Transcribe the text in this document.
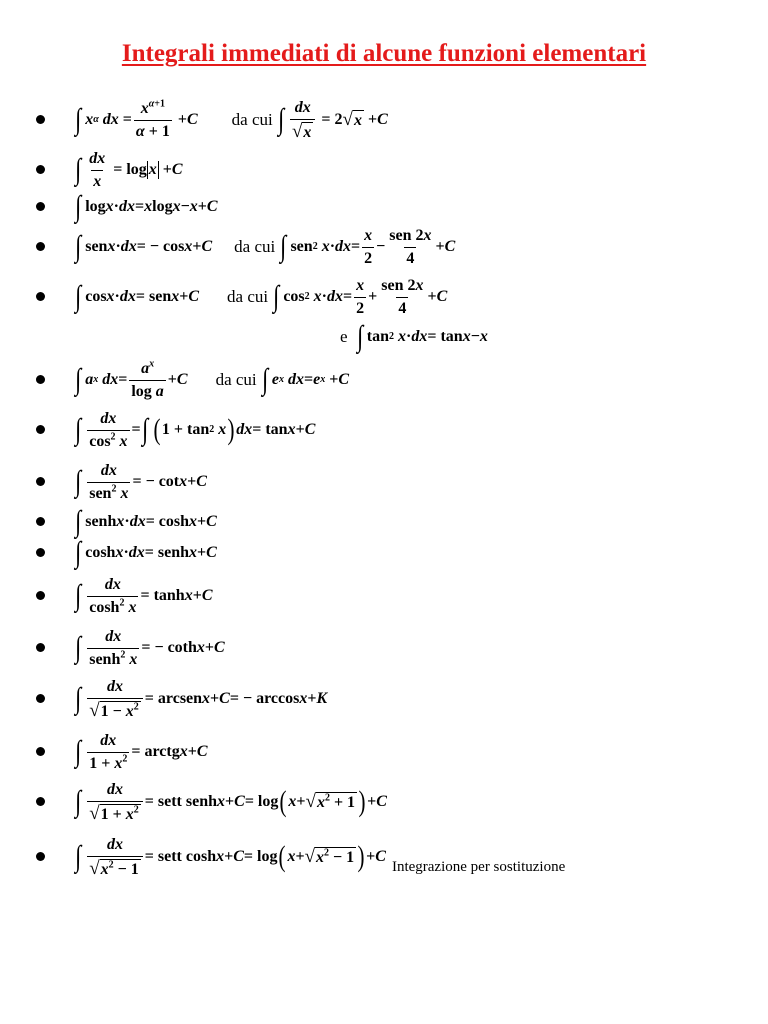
Integrali immediati di alcune funzioni elementari
∫ x α
dx = $\frac{x^{\alpha+1}}{\alpha + 1} + C$ da cui
∫ $\frac{dx}{√ x} = 2$ √ x + C
∫ $\frac{dx}{x} = \log x + C$
∫ log x · dx = x log x − x + C
∫ sen x · dx = − cos x + C da cui
∫ sen 2
x · dx = $\frac{x}{2} - \frac{\text{sen 2x}}{4} + C$
∫ cos x · dx = sen x + C da cui
∫ cos 2
x · dx = $\frac{x}{2} + \frac{\text{sen 2x}}{4} + C$
e
∫ tan 2
x · dx = tan x − x
∫ a x
dx = $\frac{a^x}{\text{log a}} + C$ da cui
∫ e x
dx = e x + C
∫ $\frac{dx}{\cos^2 x}$ = ∫ ( 1 + tan 2
x ) dx = tan x + C
∫ $\frac{dx}{sen^2 x}$ = − cot x + C
∫ senh x · dx = cosh x + C
∫ cosh x · dx = senh x + C
∫ $\frac{dx}{\cosh^2 x} = \tanh x + C$
∫ $\frac{dx}{senh^2 x}$ = − coth x + C
∫ $\frac{dx}{√ 1 - x^2}$ = arcsen x + C = − arccos x + K
∫ $\frac{dx}{1 + x^2}$ = arctg x + C
∫ $\frac{dx}{√ 1 + x^2}$ = sett senh x + C = log ( x + √ $x^2 + 1$ ) + C
∫ $\frac{dx}{√ x^2 - 1}$ = sett cosh x + C = log ( x + √ $x^2 - 1$ ) + C
Integrazione per sostituzione
